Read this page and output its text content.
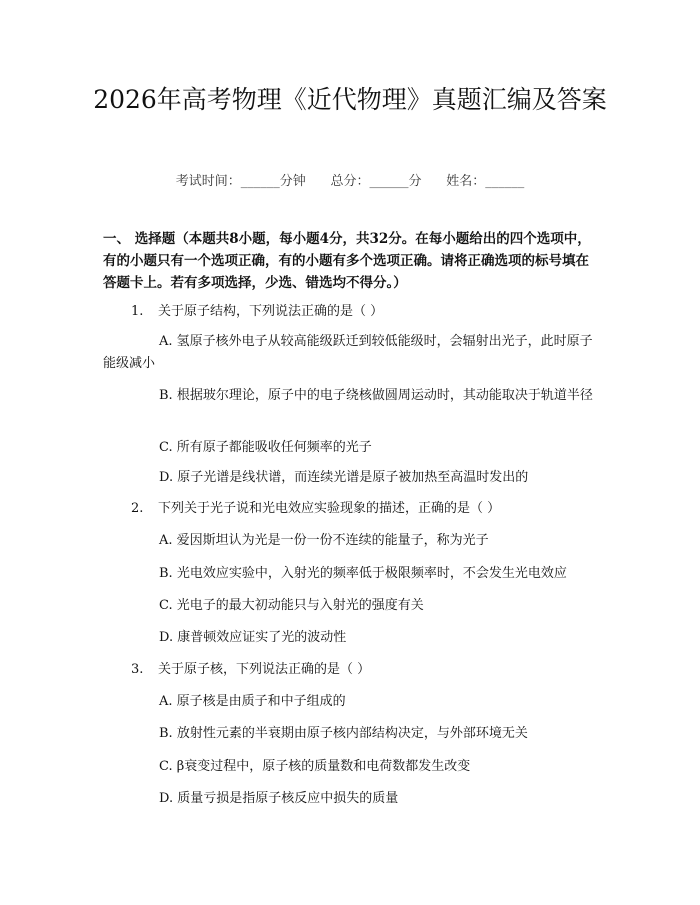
2026年高考物理《近代物理》真题汇编及答案
考试时间：______分钟      总分：______分      姓名：______

一、 选择题（本题共8小题，每小题4分，共32分。在每小题给出的四个选项中，有的小题只有一个选项正确，有的小题有多个选项正确。请将正确选项的标号填在答题卡上。若有多项选择，少选、错选均不得分。）

1. 关于原子结构，下列说法正确的是（ ）

A. 氢原子核外电子从较高能级跃迁到较低能级时，会辐射出光子，此时原子能级减小

B. 根据玻尔理论，原子中的电子绕核做圆周运动时，其动能取决于轨道半径

C. 所有原子都能吸收任何频率的光子

D. 原子光谱是线状谱，而连续光谱是原子被加热至高温时发出的

2. 下列关于光子说和光电效应实验现象的描述，正确的是（ ）

A. 爱因斯坦认为光是一份一份不连续的能量子，称为光子

B. 光电效应实验中，入射光的频率低于极限频率时，不会发生光电效应

C. 光电子的最大初动能只与入射光的强度有关

D. 康普顿效应证实了光的波动性

3. 关于原子核，下列说法正确的是（ ）

A. 原子核是由质子和中子组成的

B. 放射性元素的半衰期由原子核内部结构决定，与外部环境无关

C. β衰变过程中，原子核的质量数和电荷数都发生改变

D. 质量亏损是指原子核反应中损失的质量
